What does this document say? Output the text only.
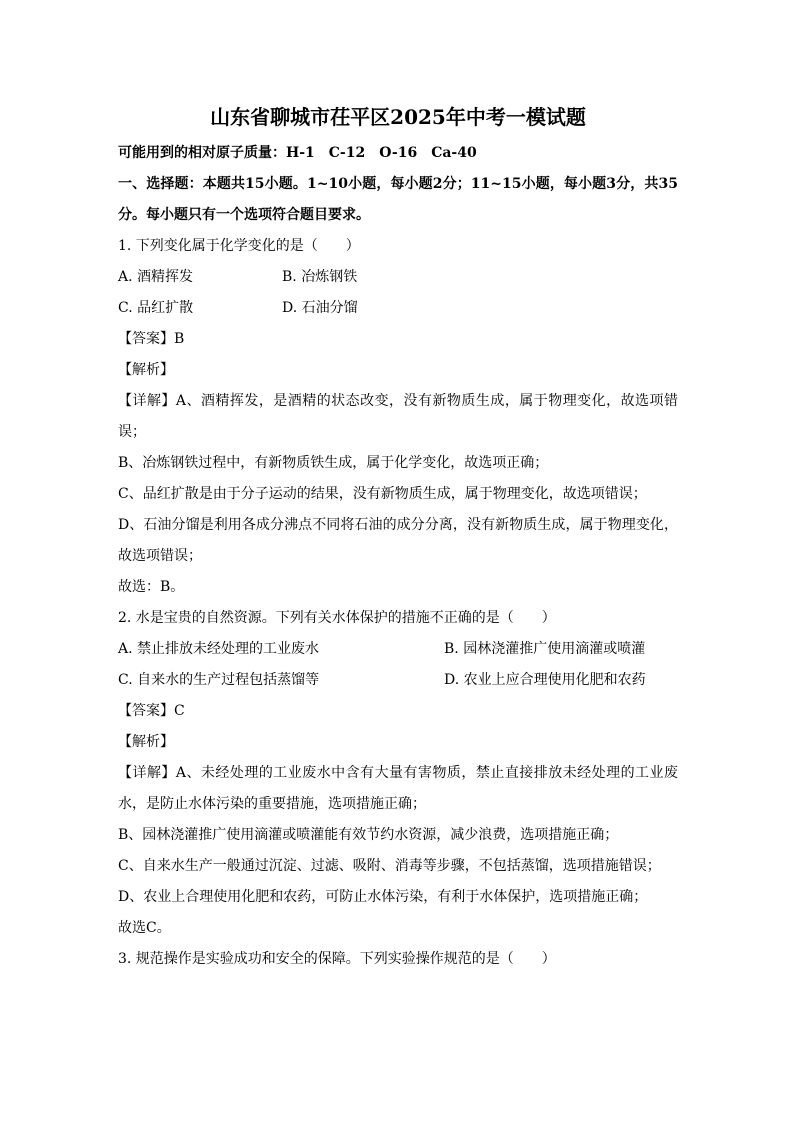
山东省聊城市茌平区2025年中考一模试题
可能用到的相对原子质量：H-1　C-12　O-16　Ca-40
一、选择题：本题共15小题。1~10小题，每小题2分；11~15小题，每小题3分，共35分。每小题只有一个选项符合题目要求。
1. 下列变化属于化学变化的是（　　）
A. 酒精挥发	B. 冶炼钢铁
C. 品红扩散	D. 石油分馏
【答案】B
【解析】
【详解】A、酒精挥发，是酒精的状态改变，没有新物质生成，属于物理变化，故选项错误；
B、冶炼钢铁过程中，有新物质铁生成，属于化学变化，故选项正确；
C、品红扩散是由于分子运动的结果，没有新物质生成，属于物理变化，故选项错误；
D、石油分馏是利用各成分沸点不同将石油的成分分离，没有新物质生成，属于物理变化，故选项错误；
故选：B。
2. 水是宝贵的自然资源。下列有关水体保护的措施不正确的是（　　）
A. 禁止排放未经处理的工业废水	B. 园林浇灌推广使用滴灌或喷灌
C. 自来水的生产过程包括蒸馏等	D. 农业上应合理使用化肥和农药
【答案】C
【解析】
【详解】A、未经处理的工业废水中含有大量有害物质，禁止直接排放未经处理的工业废水，是防止水体污染的重要措施，选项措施正确；
B、园林浇灌推广使用滴灌或喷灌能有效节约水资源，减少浪费，选项措施正确；
C、自来水生产一般通过沉淀、过滤、吸附、消毒等步骤，不包括蒸馏，选项措施错误；
D、农业上合理使用化肥和农药，可防止水体污染，有利于水体保护，选项措施正确；
故选C。
3. 规范操作是实验成功和安全的保障。下列实验操作规范的是（　　）
